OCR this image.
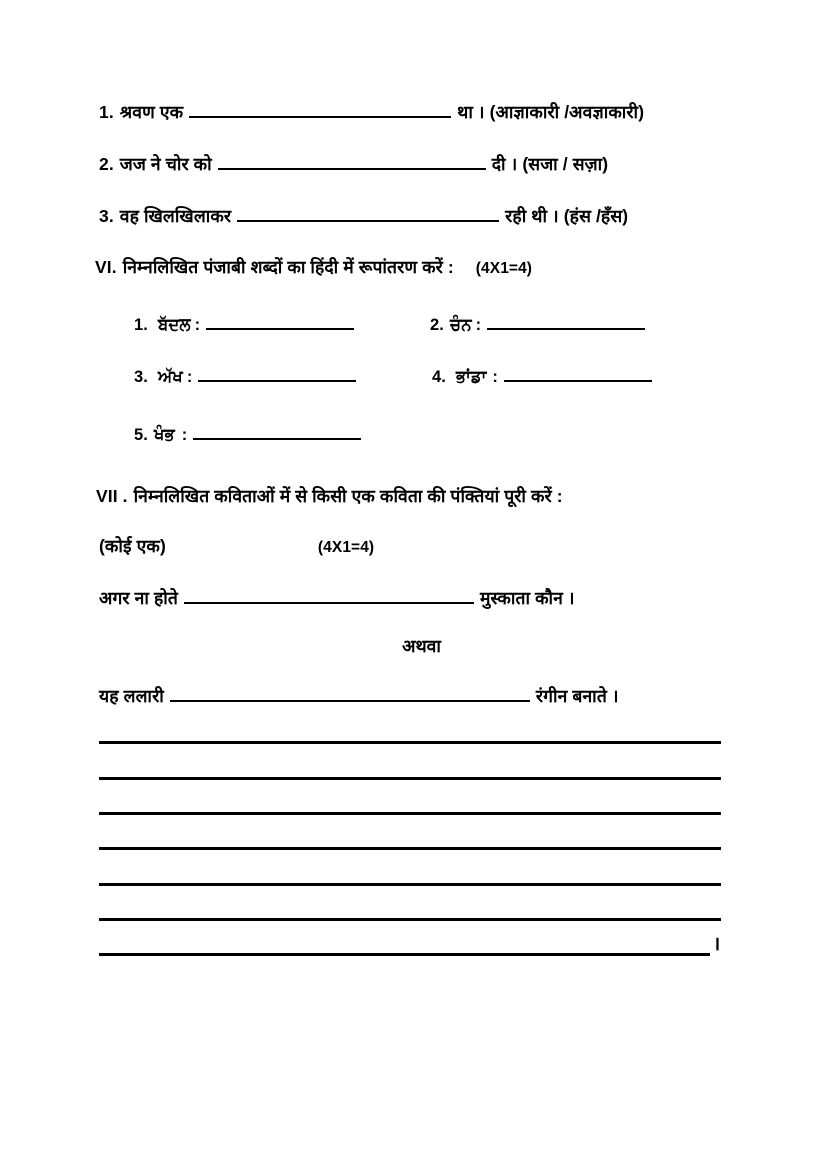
1. श्रवण एक	था । (आज्ञाकारी /अवज्ञाकारी)
2. जज ने चोर को	दी । (सजा / सज़ा)
3. वह खिलखिलाकर	रही थी । (हंस /हँस)
VI. निम्नलिखित पंजाबी शब्दों का हिंदी में रूपांतरण करें : (4X1=4)
1. ਬੱਦਲ :	2. ਚੰਨ :
3. ਅੱਖ :	4. ਭਾਂਡਾ :
5. ਖੰਭ :
VII . निम्नलिखित कविताओं में से किसी एक कविता की पंक्तियां पूरी करें :
(कोई एक)	(4X1=4)
अगर ना होते	मुस्काता कौन ।
अथवा
यह ललारी	रंगीन बनाते ।
।
